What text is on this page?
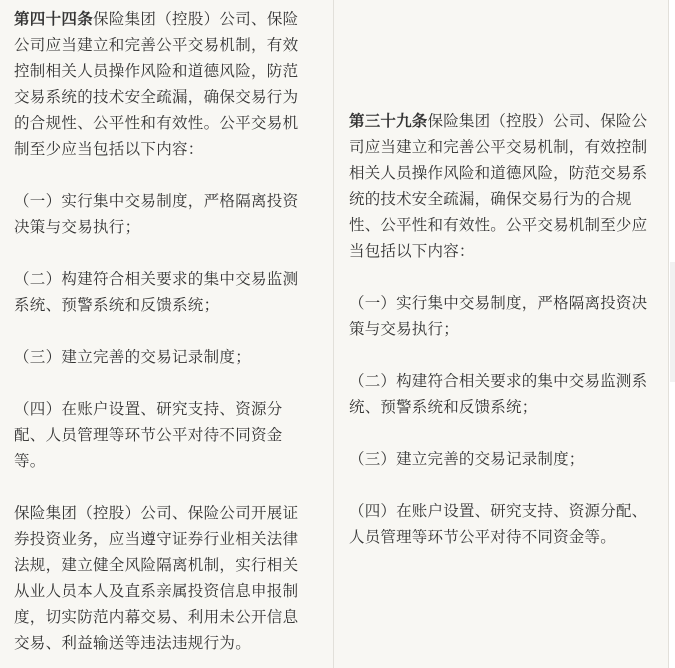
第四十四条保险集团（控股）公司、保险公司应当建立和完善公平交易机制，有效控制相关人员操作风险和道德风险，防范交易系统的技术安全疏漏，确保交易行为的合规性、公平性和有效性。公平交易机制至少应当包括以下内容：

（一）实行集中交易制度，严格隔离投资决策与交易执行；

（二）构建符合相关要求的集中交易监测系统、预警系统和反馈系统；

（三）建立完善的交易记录制度；

（四）在账户设置、研究支持、资源分配、人员管理等环节公平对待不同资金等。

保险集团（控股）公司、保险公司开展证券投资业务，应当遵守证券行业相关法律法规，建立健全风险隔离机制，实行相关从业人员本人及直系亲属投资信息申报制度，切实防范内幕交易、利用未公开信息交易、利益输送等违法违规行为。

第三十九条保险集团（控股）公司、保险公司应当建立和完善公平交易机制，有效控制相关人员操作风险和道德风险，防范交易系统的技术安全疏漏，确保交易行为的合规性、公平性和有效性。公平交易机制至少应当包括以下内容：

（一）实行集中交易制度，严格隔离投资决策与交易执行；

（二）构建符合相关要求的集中交易监测系统、预警系统和反馈系统；

（三）建立完善的交易记录制度；

（四）在账户设置、研究支持、资源分配、人员管理等环节公平对待不同资金等。
